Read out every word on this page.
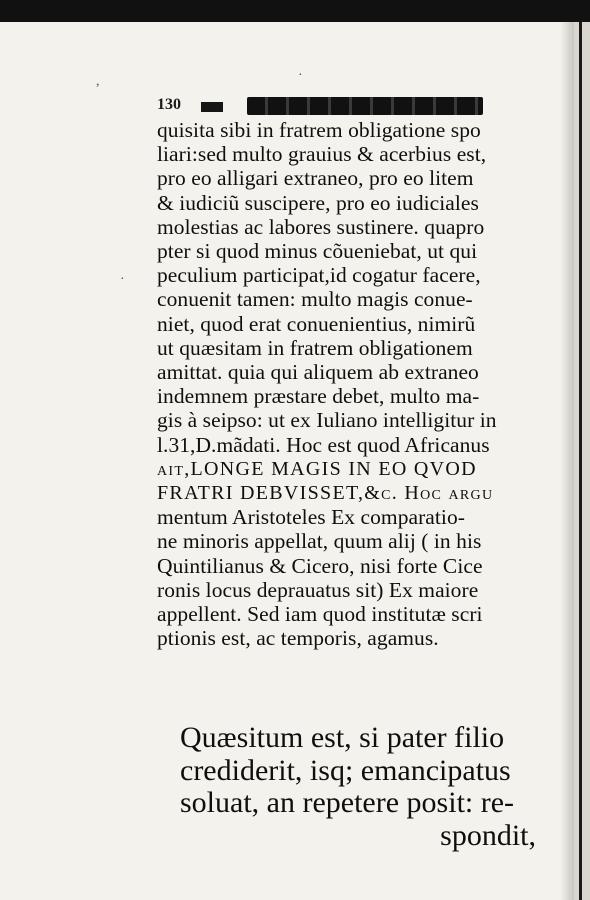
,	·
·
130
quisita sibi in fratrem obligatione spo
liari:sed multo grauius & acerbius est,
pro eo alligari extraneo, pro eo litem
& iudiciũ suscipere, pro eo iudiciales
molestias ac labores sustinere. quapro
pter si quod minus cõueniebat, ut qui
peculium participat,id cogatur facere,
conuenit tamen: multo magis conue-
niet, quod erat conuenientius, nimirũ
ut quæsitam in fratrem obligationem
amittat. quia qui aliquem ab extraneo
indemnem præstare debet, multo ma-
gis à seipso: ut ex Iuliano intelligitur in
l.31,D.mãdati. Hoc est quod Africanus
ait,LONGE MAGIS IN EO QVOD
FRATRI DEBVISSET,&c. Hoc argu
mentum Aristoteles Ex comparatio-
ne minoris appellat, quum alij ( in his
Quintilianus & Cicero, nisi forte Cice
ronis locus deprauatus sit) Ex maiore
appellent. Sed iam quod institutæ scri
ptionis est, ac temporis, agamus.
Quæsitum est, si pater filio
crediderit, isq; emancipatus
soluat, an repetere posit: re-
spondit,
